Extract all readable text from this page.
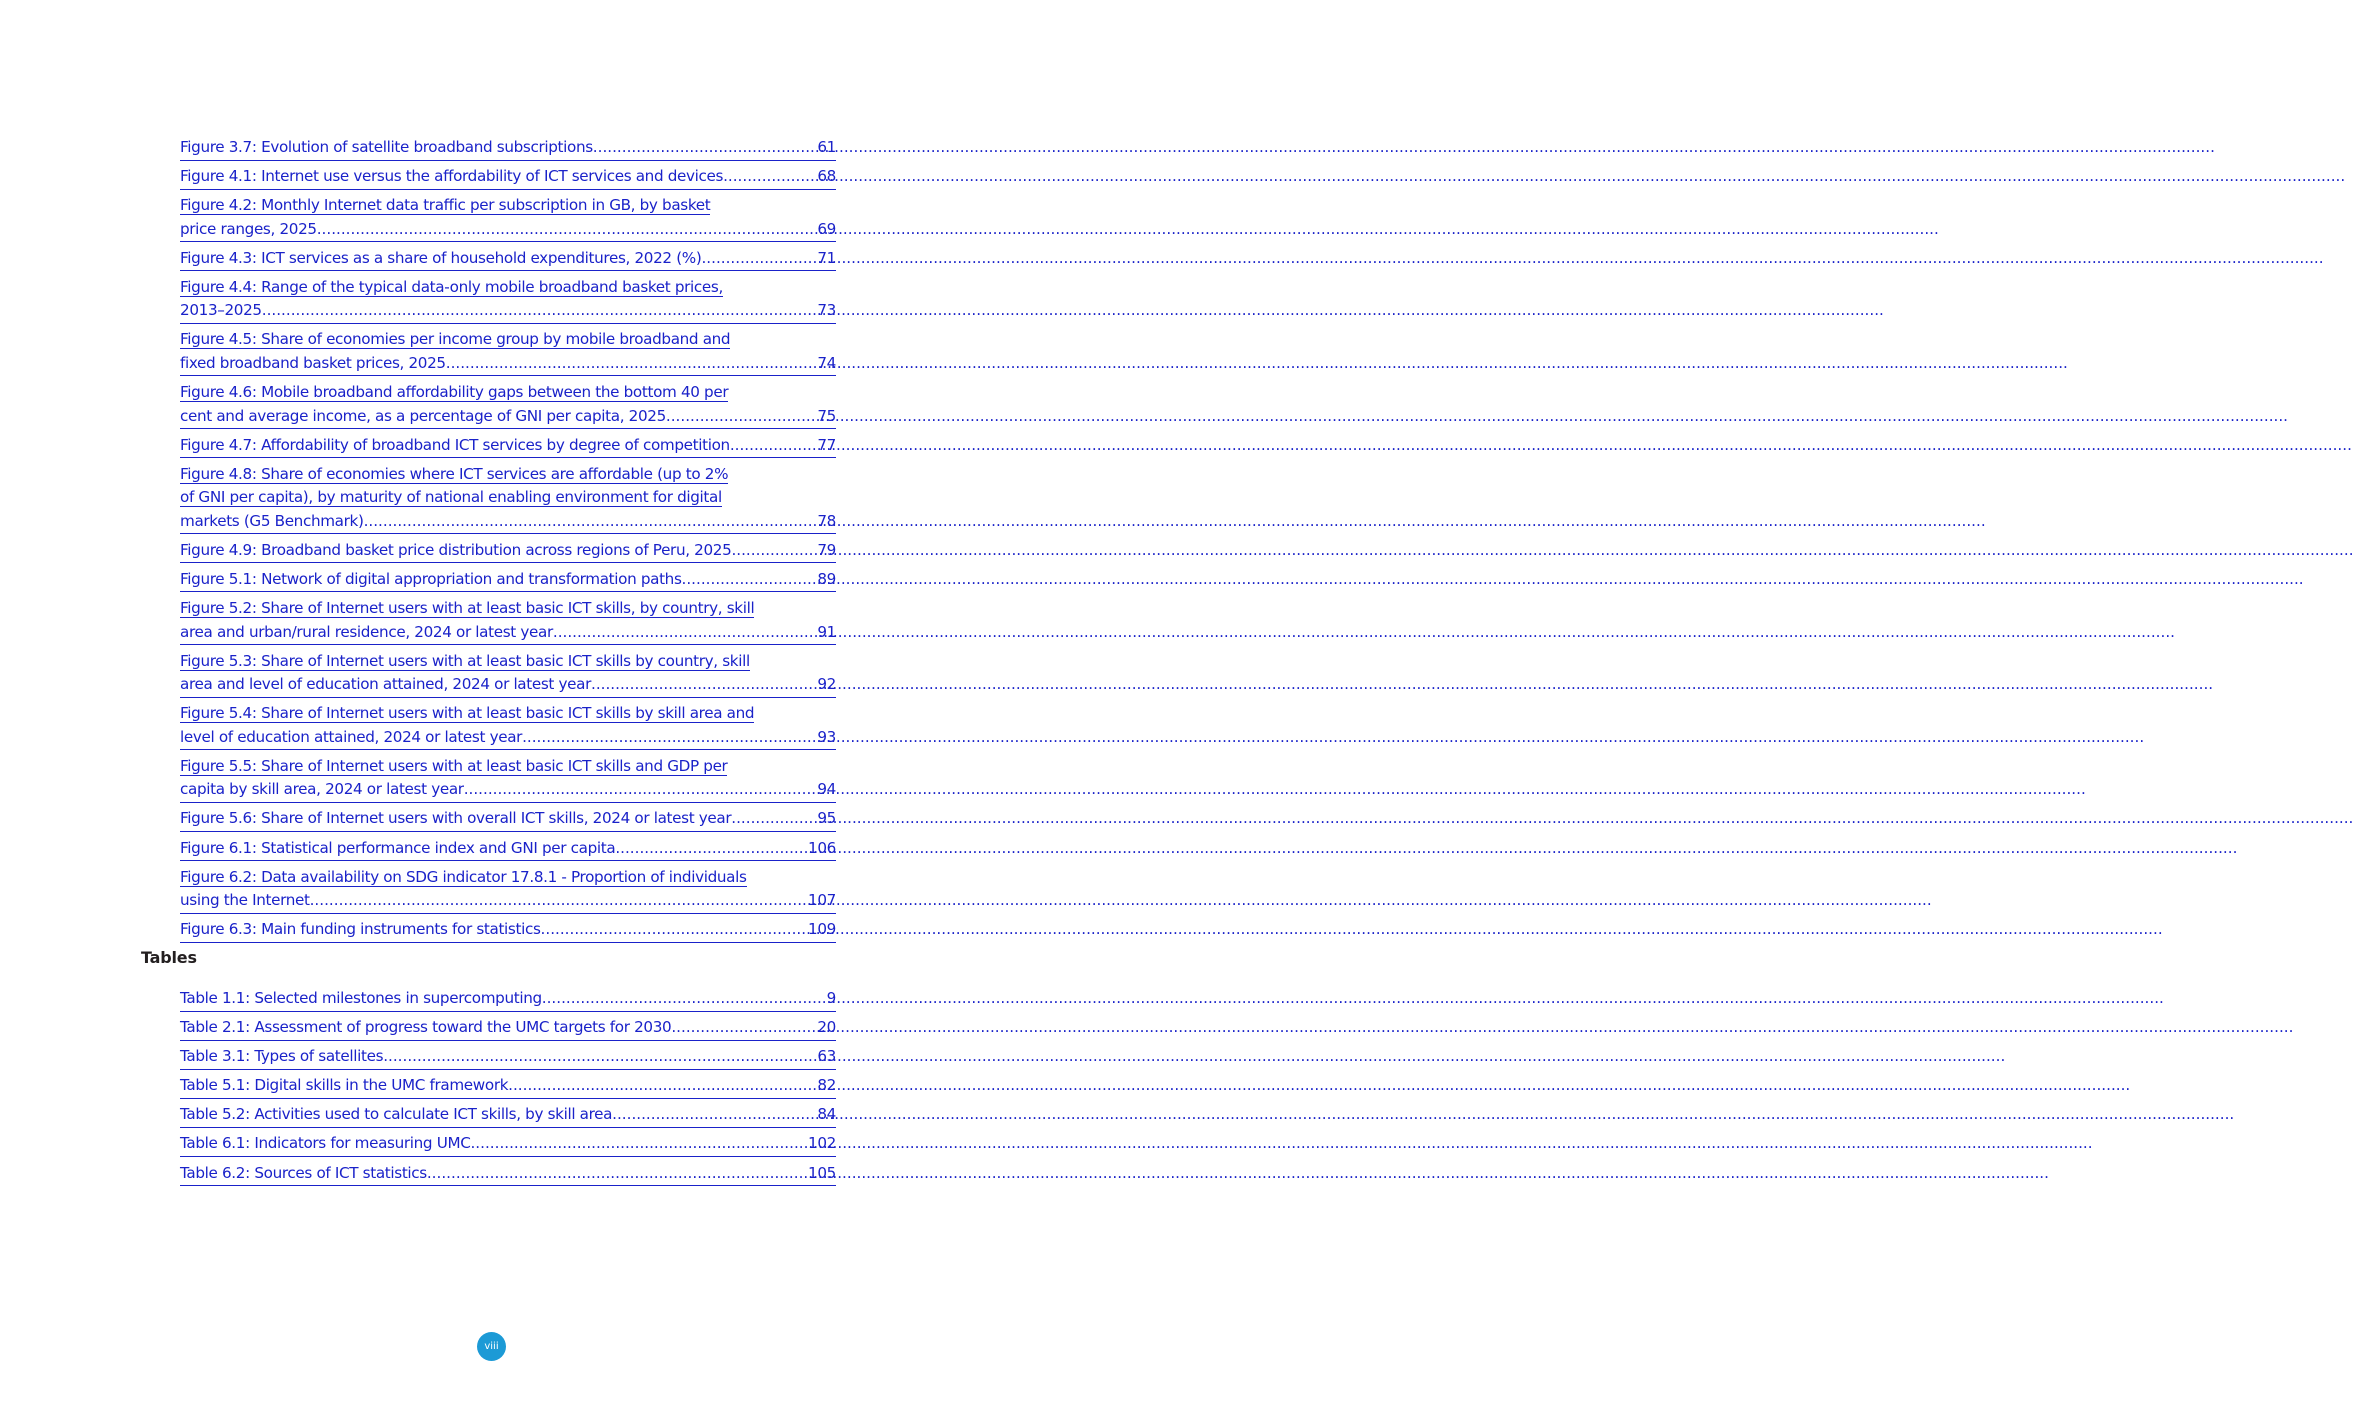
Figure 3.7: Evolution of satellite broadband subscriptions .....	61
Figure 4.1: Internet use versus the affordability of ICT services and devices .....	68
Figure 4.2: Monthly Internet data traffic per subscription in GB, by basket
price ranges, 2025 .....	69
Figure 4.3: ICT services as a share of household expenditures, 2022 (%) .....	71
Figure 4.4: Range of the typical data-only mobile broadband basket prices,
2013–2025 .....	73
Figure 4.5: Share of economies per income group by mobile broadband and
fixed broadband basket prices, 2025 .....	74
Figure 4.6: Mobile broadband affordability gaps between the bottom 40 per
cent and average income, as a percentage of GNI per capita, 2025 .....	75
Figure 4.7: Affordability of broadband ICT services by degree of competition .....	77
Figure 4.8: Share of economies where ICT services are affordable (up to 2%
of GNI per capita), by maturity of national enabling environment for digital
markets (G5 Benchmark) .....	78
Figure 4.9: Broadband basket price distribution across regions of Peru, 2025 .....	79
Figure 5.1: Network of digital appropriation and transformation paths .....	89
Figure 5.2: Share of Internet users with at least basic ICT skills, by country, skill
area and urban/rural residence, 2024 or latest year .....	91
Figure 5.3: Share of Internet users with at least basic ICT skills by country, skill
area and level of education attained, 2024 or latest year .....	92
Figure 5.4: Share of Internet users with at least basic ICT skills by skill area and
level of education attained, 2024 or latest year .....	93
Figure 5.5: Share of Internet users with at least basic ICT skills and GDP per
capita by skill area, 2024 or latest year .....	94
Figure 5.6: Share of Internet users with overall ICT skills, 2024 or latest year .....	95
Figure 6.1: Statistical performance index and GNI per capita .....	106
Figure 6.2: Data availability on SDG indicator 17.8.1 - Proportion of individuals
using the Internet .....	107
Figure 6.3: Main funding instruments for statistics .....	109
Tables
Table 1.1: Selected milestones in supercomputing .....	9
Table 2.1: Assessment of progress toward the UMC targets for 2030 .....	20
Table 3.1: Types of satellites .....	63
Table 5.1: Digital skills in the UMC framework .....	82
Table 5.2: Activities used to calculate ICT skills, by skill area .....	84
Table 6.1: Indicators for measuring UMC .....	102
Table 6.2: Sources of ICT statistics .....	105
viii
